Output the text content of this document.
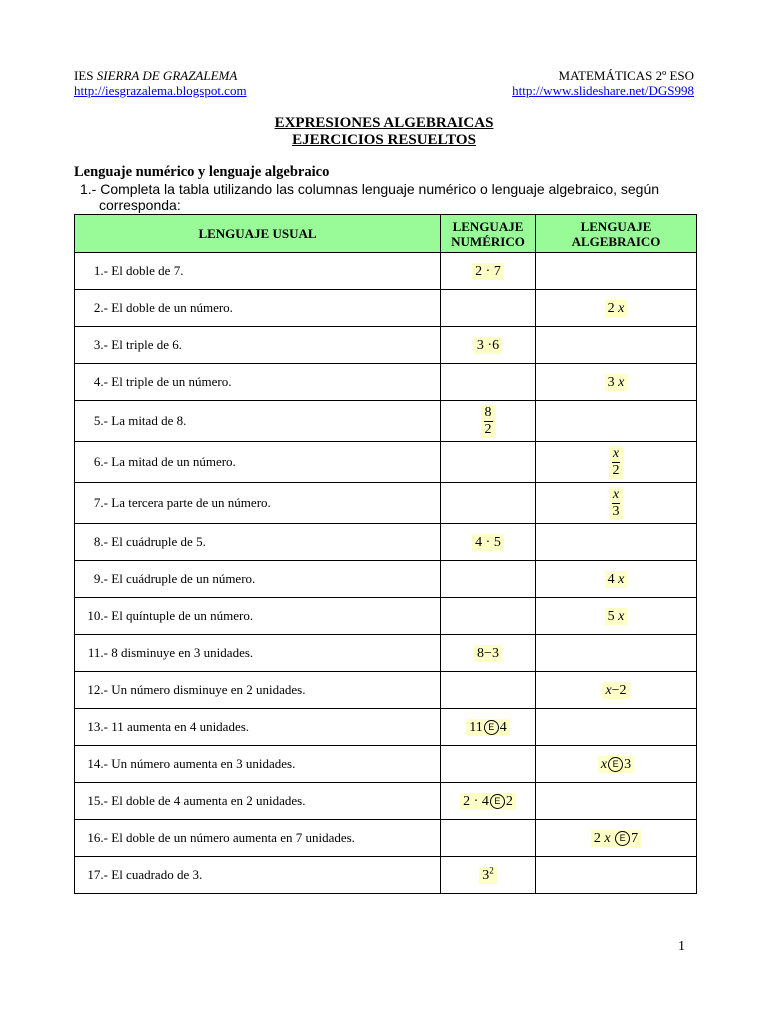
IES SIERRA DE GRAZALEMA
http://iesgrazalema.blogspot.com
MATEMÁTICAS 2º ESO
http://www.slideshare.net/DGS998
EXPRESIONES ALGEBRAICAS
EJERCICIOS RESUELTOS
Lenguaje numérico y lenguaje algebraico
1.- Completa la tabla utilizando las columnas lenguaje numérico o lenguaje algebraico, según
corresponda:
LENGUAJE USUAL	LENGUAJE NUMÉRICO	LENGUAJE ALGEBRAICO
1.- El doble de 7.	2 · 7	
2.- El doble de un número.		2 x
3.- El triple de 6.	3 ·6	
4.- El triple de un número.		3 x
5.- La mitad de 8.	$\frac{8}{2}$

6.- La mitad de un número.		$\frac{x}{2}$

7.- La tercera parte de un número.		$\frac{x}{3}$

8.- El cuádruple de 5.	4 · 5	
9.- El cuádruple de un número.		4 x
10.- El quíntuple de un número.		5 x
11.- 8 disminuye en 3 unidades.	8−3	
12.- Un número disminuye en 2 unidades.		x−2
13.- 11 aumenta en 4 unidades.	11 E 4	
14.- Un número aumenta en 3 unidades.		x E 3
15.- El doble de 4 aumenta en 2 unidades.	2 · 4 E 2	
16.- El doble de un número aumenta en 7 unidades.		2 x E 7
17.- El cuadrado de 3.	$3^2$	
1
